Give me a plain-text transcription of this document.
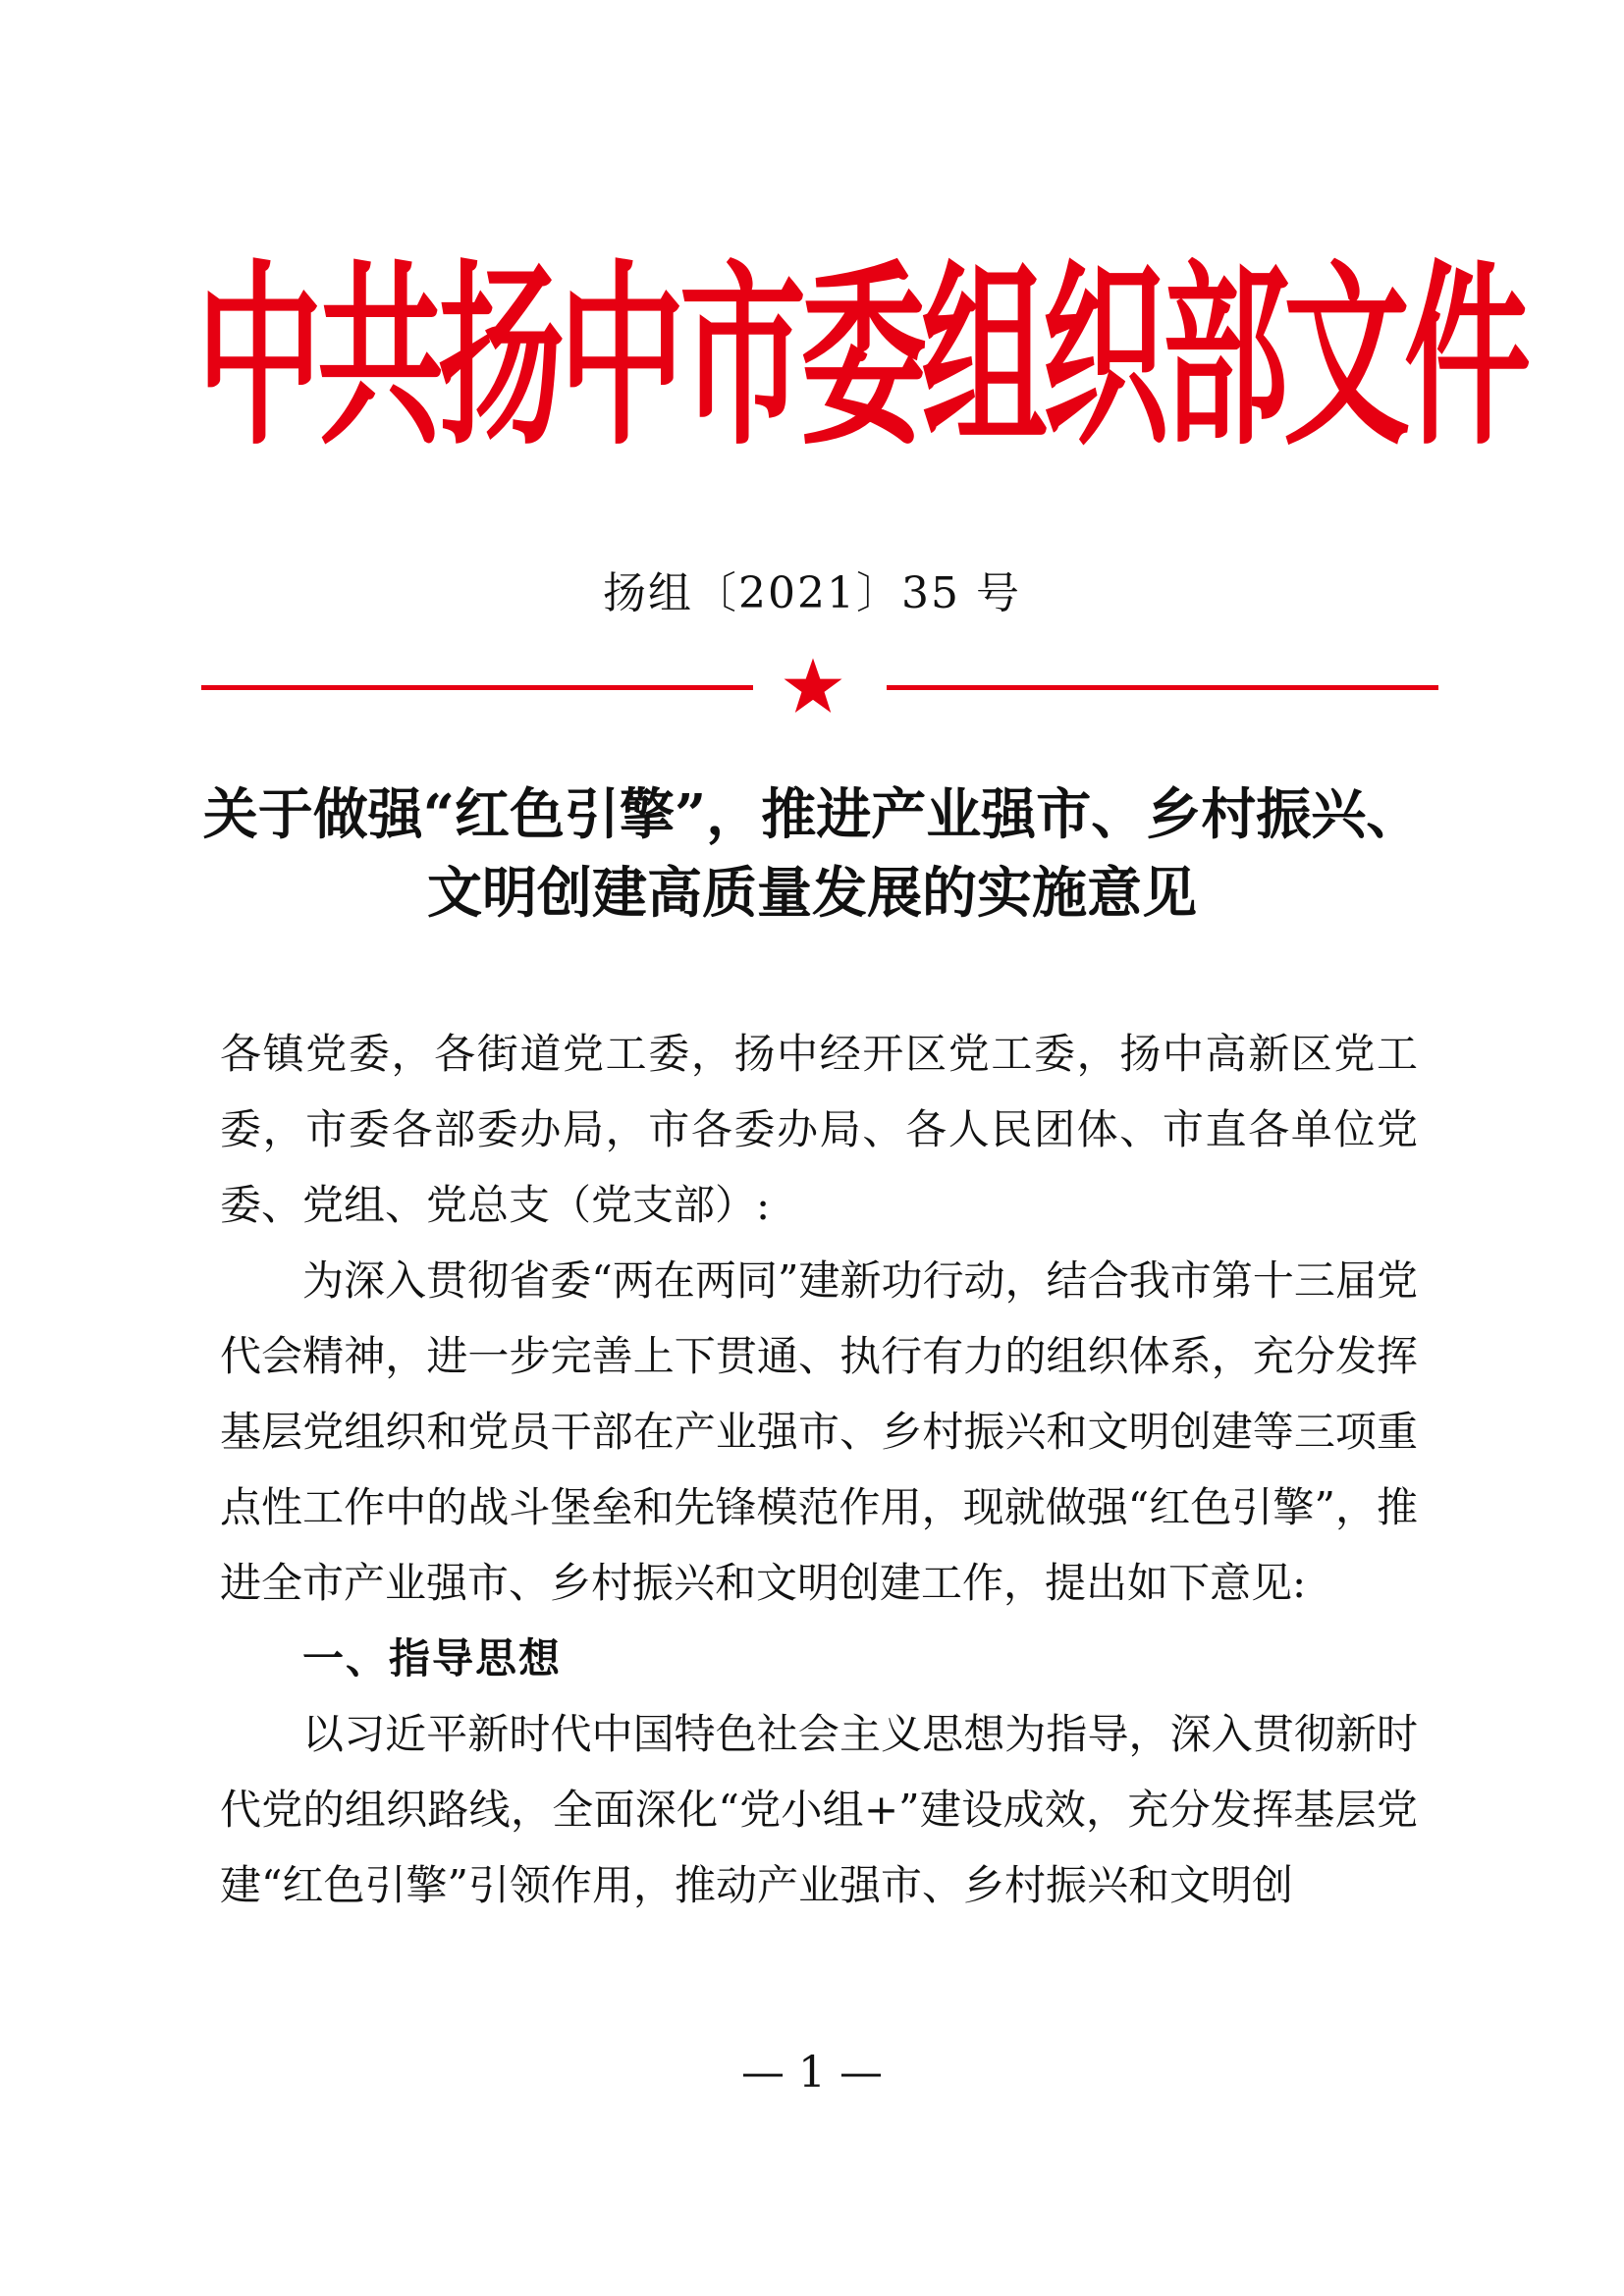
中共扬中市委组织部文件
扬组〔2021〕35 号
关于做强“红色引擎”，推进产业强市、乡村振兴、
文明创建高质量发展的实施意见

各镇党委，各街道党工委，扬中经开区党工委，扬中高新区党工委，市委各部委办局，市各委办局、各人民团体、市直各单位党委、党组、党总支（党支部）:

为深入贯彻省委“两在两同”建新功行动，结合我市第十三届党代会精神，进一步完善上下贯通、执行有力的组织体系，充分发挥基层党组织和党员干部在产业强市、乡村振兴和文明创建等三项重点性工作中的战斗堡垒和先锋模范作用，现就做强“红色引擎”，推进全市产业强市、乡村振兴和文明创建工作，提出如下意见:

一、指导思想

以习近平新时代中国特色社会主义思想为指导，深入贯彻新时代党的组织路线，全面深化“党小组+”建设成效，充分发挥基层党建“红色引擎”引领作用，推动产业强市、乡村振兴和文明创

— 1 —
